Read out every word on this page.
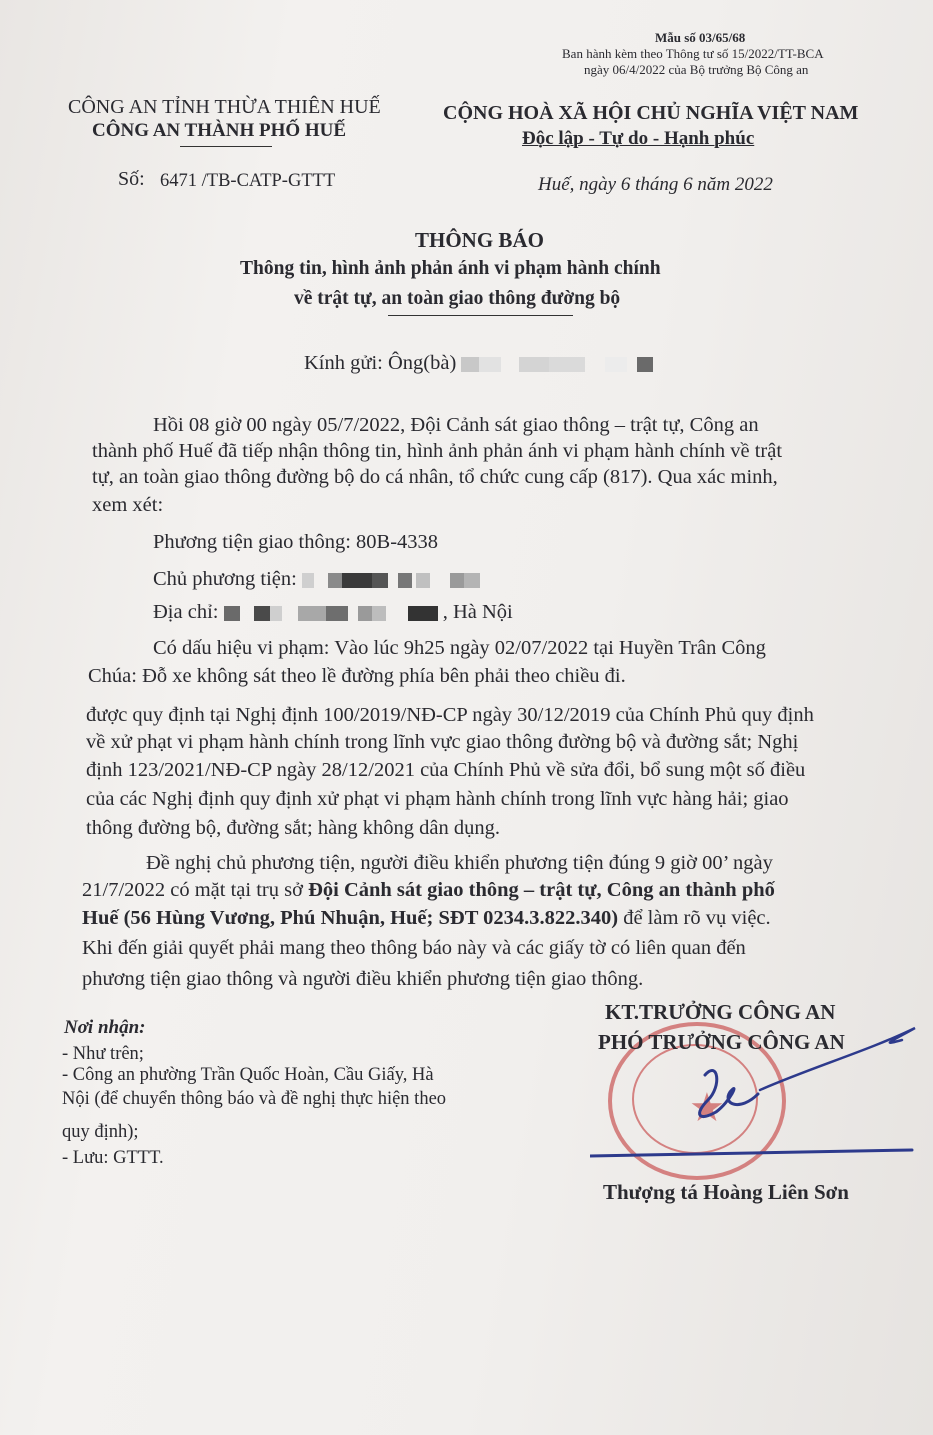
Mẫu số 03/65/68
Ban hành kèm theo Thông tư số 15/2022/TT-BCA
ngày 06/4/2022 của Bộ trưởng Bộ Công an
CÔNG AN TỈNH THỪA THIÊN HUẾ
CÔNG AN THÀNH PHỐ HUẾ
Số: 6471 /TB-CATP-GTTT
CỘNG HOÀ XÃ HỘI CHỦ NGHĨA VIỆT NAM
Độc lập - Tự do - Hạnh phúc
Huế, ngày 6 tháng 6 năm 2022
THÔNG BÁO
Thông tin, hình ảnh phản ánh vi phạm hành chính
về trật tự, an toàn giao thông đường bộ
Kính gửi: Ông(bà)
Hồi 08 giờ 00 ngày 05/7/2022, Đội Cảnh sát giao thông – trật tự, Công an
thành phố Huế đã tiếp nhận thông tin, hình ảnh phản ánh vi phạm hành chính về trật
tự, an toàn giao thông đường bộ do cá nhân, tổ chức cung cấp (817). Qua xác minh,
xem xét:
Phương tiện giao thông: 80B-4338
Chủ phương tiện:
Địa chỉ:	, Hà Nội
Có dấu hiệu vi phạm: Vào lúc 9h25 ngày 02/07/2022 tại Huyền Trân Công
Chúa: Đỗ xe không sát theo lề đường phía bên phải theo chiều đi.
được quy định tại Nghị định 100/2019/NĐ-CP ngày 30/12/2019 của Chính Phủ quy định
về xử phạt vi phạm hành chính trong lĩnh vực giao thông đường bộ và đường sắt; Nghị
định 123/2021/NĐ-CP ngày 28/12/2021 của Chính Phủ về sửa đổi, bổ sung một số điều
của các Nghị định quy định xử phạt vi phạm hành chính trong lĩnh vực hàng hải; giao
thông đường bộ, đường sắt; hàng không dân dụng.
Đề nghị chủ phương tiện, người điều khiển phương tiện đúng 9 giờ 00’ ngày
21/7/2022 có mặt tại trụ sở Đội Cảnh sát giao thông – trật tự, Công an thành phố
Huế (56 Hùng Vương, Phú Nhuận, Huế; SĐT 0234.3.822.340) để làm rõ vụ việc.
Khi đến giải quyết phải mang theo thông báo này và các giấy tờ có liên quan đến
phương tiện giao thông và người điều khiển phương tiện giao thông.
Nơi nhận:
- Như trên;
- Công an phường Trần Quốc Hoàn, Cầu Giấy, Hà
Nội (để chuyển thông báo và đề nghị thực hiện theo
quy định);
- Lưu: GTTT.
★
KT.TRƯỞNG CÔNG AN
PHÓ TRƯỞNG CÔNG AN
Thượng tá Hoàng Liên Sơn
